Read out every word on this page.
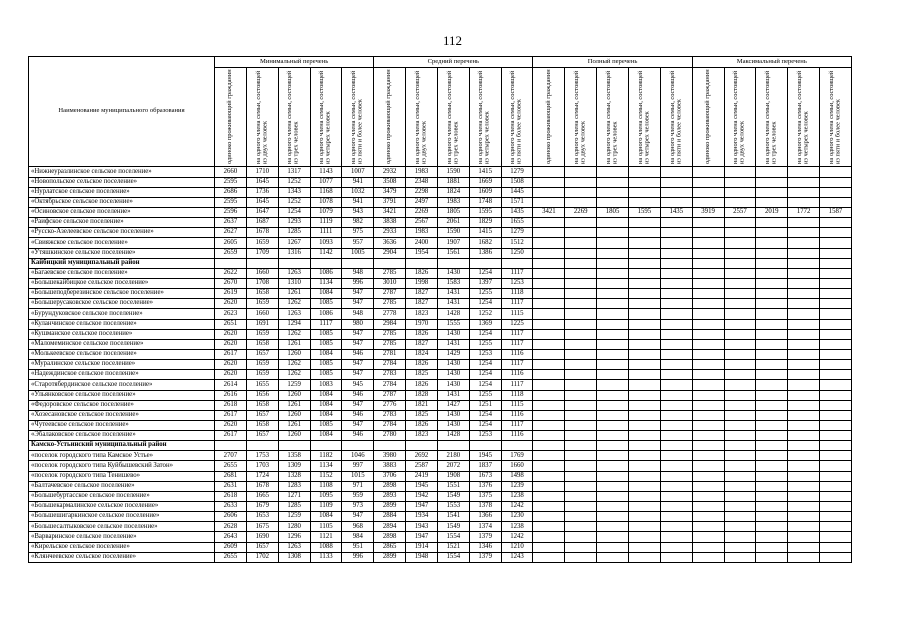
112
Наименование муниципального образования	Минимальный перечень					Средний перечень					Полный перечень					Максимальный перечень				
	одиноко проживающий гражданин	на одного члена семьи, состоящей из двух человек	на одного члена семьи, состоящей из трех человек	на одного члена семьи, состоящей из четырех человек	на одного члена семьи, состоящей из пяти и более человек	одиноко проживающий гражданин	на одного члена семьи, состоящей из двух человек	на одного члена семьи, состоящей из трех человек	на одного члена семьи, состоящей из четырех человек	на одного члена семьи, состоящей из пяти и более человек	одиноко проживающий гражданин	на одного члена семьи, состоящей из двух человек	на одного члена семьи, состоящей из трех человек	на одного члена семьи, состоящей из четырех человек	на одного члена семьи, состоящей из пяти и более человек	одиноко проживающий гражданин	на одного члена семьи, состоящей из двух человек	на одного члена семьи, состоящей из трех человек	на одного члена семьи, состоящей из четырех человек	на одного члена семьи, состоящей из пяти и более человек
«Нижнеуразлинское сельское поселение»	2660	1710	1317	1143	1007	2932	1983	1590	1415	1279										
«Новопольское сельское поселение»	2595	1645	1252	1077	941	3508	2348	1881	1669	1508										
«Нурлатское сельское поселение»	2686	1736	1343	1168	1032	3479	2298	1824	1609	1445										
«Октябрьское сельское поселение»	2595	1645	1252	1078	941	3791	2497	1983	1748	1571										
«Осиновское сельское поселение»	2596	1647	1254	1079	943	3421	2269	1805	1595	1435	3421	2269	1805	1595	1435	3919	2557	2019	1772	1587
«Раифское сельское поселение»	2637	1687	1293	1119	982	3838	2567	2061	1829	1655										
«Русско-Азелеевское сельское поселение»	2627	1678	1285	1111	975	2933	1983	1590	1415	1279										
«Свияжское сельское поселение»	2605	1659	1267	1093	957	3636	2400	1907	1682	1512										
«Утяшкинское сельское поселение»	2659	1709	1316	1142	1005	2904	1954	1561	1386	1250										
Кайбицкий муниципальный район																				
«Багаевское сельское поселение»	2622	1660	1263	1086	948	2785	1826	1430	1254	1117										
«Большекайбицкое сельское поселение»	2670	1708	1310	1134	996	3010	1998	1583	1397	1253										
«Большеподберезинское сельское поселение»	2619	1658	1261	1084	947	2787	1827	1431	1255	1118										
«Большерусаковское сельское поселение»	2620	1659	1262	1085	947	2785	1827	1431	1254	1117										
«Бурундуковское сельское поселение»	2623	1660	1263	1086	948	2778	1823	1428	1252	1115										
«Куланчинское сельское поселение»	2651	1691	1294	1117	980	2984	1970	1555	1369	1225										
«Кушманское сельское поселение»	2620	1659	1262	1085	947	2785	1826	1430	1254	1117										
«Маломеминское сельское поселение»	2620	1658	1261	1085	947	2785	1827	1431	1255	1117										
«Молькеевское сельское поселение»	2617	1657	1260	1084	946	2781	1824	1429	1253	1116										
«Муралинское сельское поселение»	2620	1659	1262	1085	947	2784	1826	1430	1254	1117										
«Надеждинское сельское поселение»	2620	1659	1262	1085	947	2783	1825	1430	1254	1116										
«Старотябердинское сельское поселение»	2614	1655	1259	1083	945	2784	1826	1430	1254	1117										
«Ульянковское сельское поселение»	2616	1656	1260	1084	946	2787	1828	1431	1255	1118										
«Федоровское сельское поселение»	2618	1658	1261	1084	947	2776	1821	1427	1251	1115										
«Хозесановское сельское поселение»	2617	1657	1260	1084	946	2783	1825	1430	1254	1116										
«Чутеевское сельское поселение»	2620	1658	1261	1085	947	2784	1826	1430	1254	1117										
«Эбалаковское сельское поселение»	2617	1657	1260	1084	946	2780	1823	1428	1253	1116										
Камско-Устьинский муниципальный район																				
«поселок городского типа Камское Устье»	2707	1753	1358	1182	1046	3980	2692	2180	1945	1769										
«поселок городского типа Куйбышевский Затон»	2655	1703	1309	1134	997	3883	2587	2072	1837	1660										
«поселок городского типа Тенишево»	2681	1724	1328	1152	1015	3706	2419	1908	1673	1498										
«Балтачевское сельское поселение»	2631	1678	1283	1108	971	2898	1945	1551	1376	1239										
«Большебуртасское сельское поселение»	2618	1665	1271	1095	959	2893	1942	1549	1375	1238										
«Большекармалинское сельское поселение»	2633	1679	1285	1109	973	2899	1947	1553	1378	1242										
«Большешигаркинское сельское поселение»	2606	1653	1259	1084	947	2884	1934	1541	1366	1230										
«Большесалтыковское сельское поселение»	2628	1675	1280	1105	968	2894	1943	1549	1374	1238										
«Варваринское сельское поселение»	2643	1690	1296	1121	984	2898	1947	1554	1379	1242										
«Кирельское сельское поселение»	2609	1657	1263	1088	951	2865	1914	1521	1346	1210										
«Клянчеевское сельское поселение»	2655	1702	1308	1133	996	2899	1948	1554	1379	1243										
